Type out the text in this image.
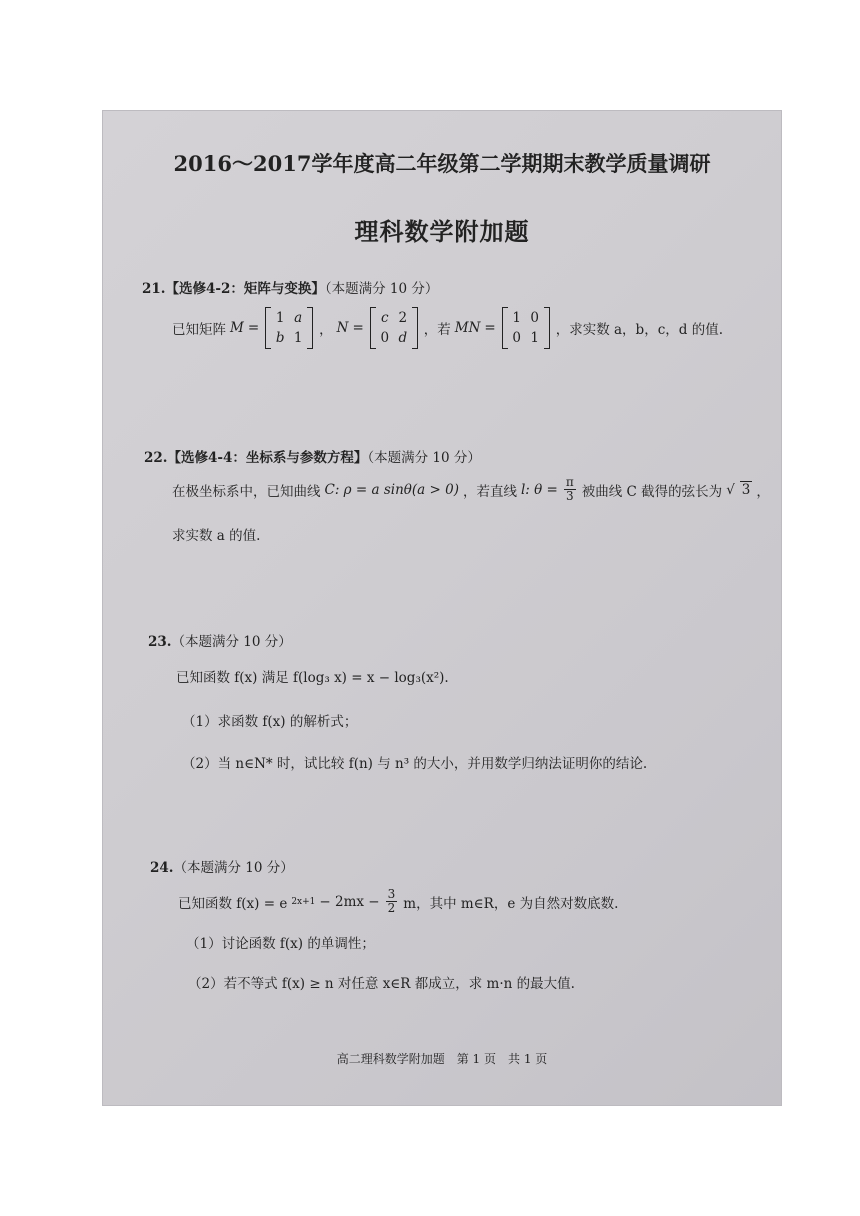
2016～2017学年度高二年级第二学期期末教学质量调研
理科数学附加题
21.【选修4-2：矩阵与变换】（本题满分 10 分）
已知矩阵 M =
1 a
b 1	， N =
c 2
0 d	，若 MN =
1 0
0 1	，求实数 a，b，c，d 的值.
22.【选修4-4：坐标系与参数方程】（本题满分 10 分）
在极坐标系中，已知曲线 C: ρ = a sinθ(a > 0) ，若直线 l: $\theta = \frac{\pi}{3}$ 被曲线 C 截得的弦长为 √ 3 ，
求实数 a 的值.
23.（本题满分 10 分）
已知函数 f(x) 满足 f(log₃ x) = x − log₃(x²).
（1）求函数 f(x) 的解析式；
（2）当 n∈N* 时，试比较 f(n) 与 n³ 的大小，并用数学归纳法证明你的结论.
24.（本题满分 10 分）
已知函数 f(x) = e $2x+1 - 2mx - \frac{3}{2}$ m，其中 m∈R，e 为自然对数底数.
（1）讨论函数 f(x) 的单调性；
（2）若不等式 f(x) ≥ n 对任意 x∈R 都成立，求 m·n 的最大值.
高二理科数学附加题　第 1 页　共 1 页
